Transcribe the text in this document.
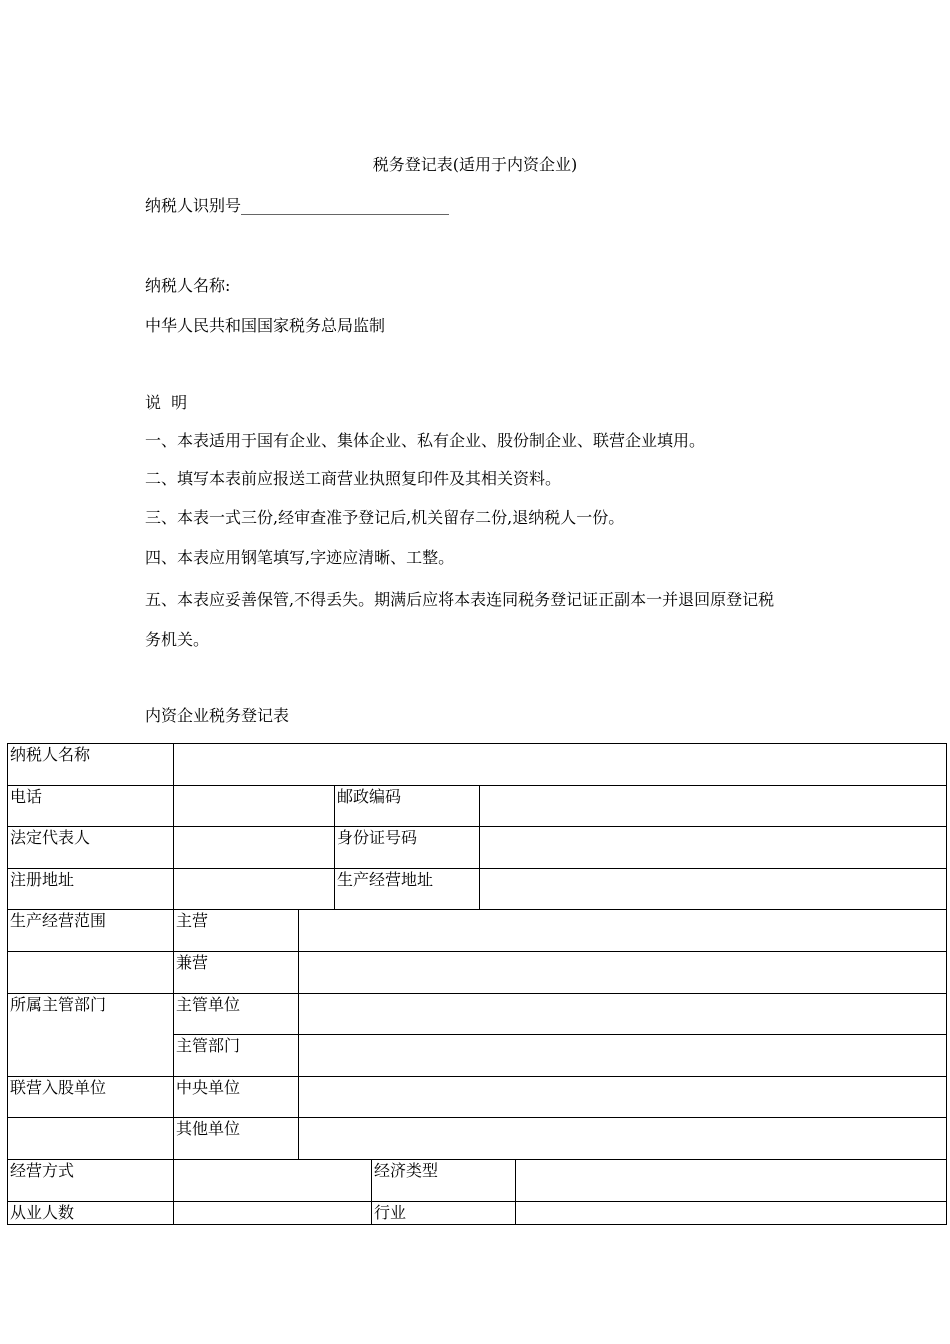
税务登记表(适用于内资企业)
纳税人识别号__________________________
纳税人名称:
中华人民共和国国家税务总局监制
说  明
一、本表适用于国有企业、集体企业、私有企业、股份制企业、联营企业填用。
二、填写本表前应报送工商营业执照复印件及其相关资料。
三、本表一式三份,经审查准予登记后,机关留存二份,退纳税人一份。
四、本表应用钢笔填写,字迹应清晰、工整。
五、本表应妥善保管,不得丢失。期满后应将本表连同税务登记证正副本一并退回原登记税
务机关。
内资企业税务登记表
纳税人名称						
电话			邮政编码			
法定代表人			身份证号码			
注册地址			生产经营地址			
生产经营范围	主营					
	兼营					
所属主管部门	主管单位					
	主管部门					
联营入股单位	中央单位					
	其他单位					
经营方式				经济类型		
从业人数				行业		
